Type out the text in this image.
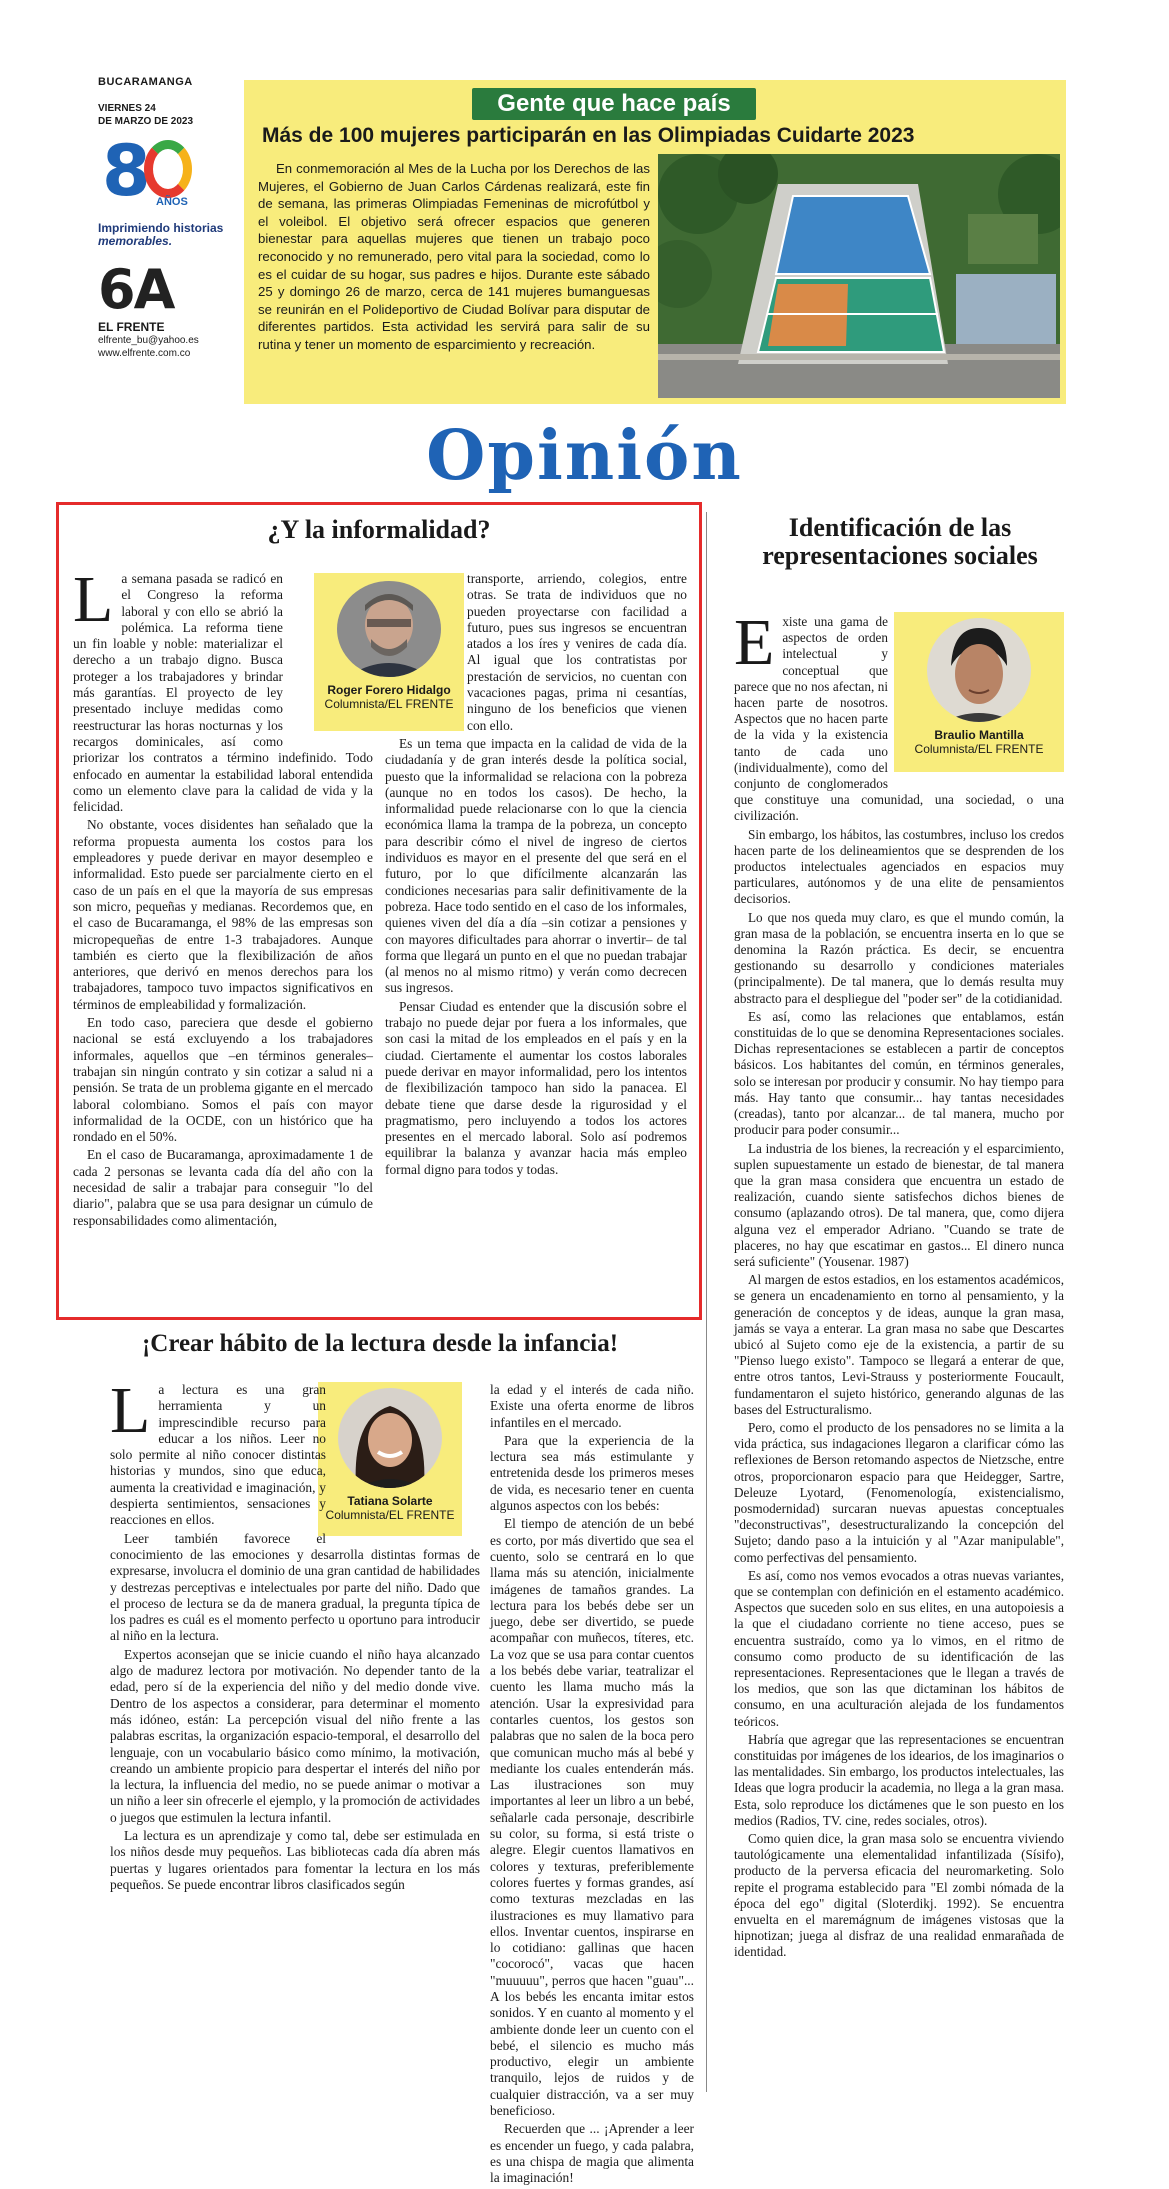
BUCARAMANGA
VIERNES 24
DE MARZO DE 2023
8 AÑOS
Imprimiendo historias
memorables.
6A
EL FRENTE
elfrente_bu@yahoo.es
www.elfrente.com.co
Gente que hace país
Más de 100 mujeres participarán en las Olimpiadas Cuidarte 2023
En conmemoración al Mes de la Lucha por los Derechos de las Mujeres, el Gobierno de Juan Carlos Cárdenas realizará, este fin de semana, las primeras Olimpiadas Femeninas de microfútbol y el voleibol. El objetivo será ofrecer espacios que generen bienestar para aquellas mujeres que tienen un trabajo poco reconocido y no remunerado, pero vital para la sociedad, como lo es el cuidar de su hogar, sus padres e hijos. Durante este sábado 25 y domingo 26 de marzo, cerca de 141 mujeres bumanguesas se reunirán en el Polideportivo de Ciudad Bolívar para disputar de diferentes partidos. Esta actividad les servirá para salir de su rutina y tener un momento de esparcimiento y recreación.
Opinión
¿Y la informalidad?
Roger Forero Hidalgo
Columnista/EL FRENTE

La semana pasada se radicó en el Congreso la reforma laboral y con ello se abrió la polémica. La reforma tiene un fin loable y noble: materializar el derecho a un trabajo digno. Busca proteger a los trabajadores y brindar más garantías. El proyecto de ley presentado incluye medidas como reestructurar las horas nocturnas y los recargos dominicales, así como priorizar los contratos a término indefinido. Todo enfocado en aumentar la estabilidad laboral entendida como un elemento clave para la calidad de vida y la felicidad.

No obstante, voces disidentes han señalado que la reforma propuesta aumenta los costos para los empleadores y puede derivar en mayor desempleo e informalidad. Esto puede ser parcialmente cierto en el caso de un país en el que la mayoría de sus empresas son micro, pequeñas y medianas. Recordemos que, en el caso de Bucaramanga, el 98% de las empresas son micropequeñas de entre 1-3 trabajadores. Aunque también es cierto que la flexibilización de años anteriores, que derivó en menos derechos para los trabajadores, tampoco tuvo impactos significativos en términos de empleabilidad y formalización.

En todo caso, pareciera que desde el gobierno nacional se está excluyendo a los trabajadores informales, aquellos que –en términos generales– trabajan sin ningún contrato y sin cotizar a salud ni a pensión. Se trata de un problema gigante en el mercado laboral colombiano. Somos el país con mayor informalidad de la OCDE, con un histórico que ha rondado en el 50%.

En el caso de Bucaramanga, aproximadamente 1 de cada 2 personas se levanta cada día del año con la necesidad de salir a trabajar para conseguir "lo del diario", palabra que se usa para designar un cúmulo de responsabilidades como alimentación,

transporte, arriendo, colegios, entre otras. Se trata de individuos que no pueden proyectarse con facilidad a futuro, pues sus ingresos se encuentran atados a los íres y venires de cada día. Al igual que los contratistas por prestación de servicios, no cuentan con vacaciones pagas, prima ni cesantías, ninguno de los beneficios que vienen con ello.

Es un tema que impacta en la calidad de vida de la ciudadanía y de gran interés desde la política social, puesto que la informalidad se relaciona con la pobreza (aunque no en todos los casos). De hecho, la informalidad puede relacionarse con lo que la ciencia económica llama la trampa de la pobreza, un concepto para describir cómo el nivel de ingreso de ciertos individuos es mayor en el presente del que será en el futuro, por lo que difícilmente alcanzarán las condiciones necesarias para salir definitivamente de la pobreza. Hace todo sentido en el caso de los informales, quienes viven del día a día –sin cotizar a pensiones y con mayores dificultades para ahorrar o invertir– de tal forma que llegará un punto en el que no puedan trabajar (al menos no al mismo ritmo) y verán como decrecen sus ingresos.

Pensar Ciudad es entender que la discusión sobre el trabajo no puede dejar por fuera a los informales, que son casi la mitad de los empleados en el país y en la ciudad. Ciertamente el aumentar los costos laborales puede derivar en mayor informalidad, pero los intentos de flexibilización tampoco han sido la panacea. El debate tiene que darse desde la rigurosidad y el pragmatismo, pero incluyendo a todos los actores presentes en el mercado laboral. Solo así podremos equilibrar la balanza y avanzar hacia más empleo formal digno para todos y todas.

¡Crear hábito de la lectura desde la infancia!
Tatiana Solarte
Columnista/EL FRENTE

La lectura es una gran herramienta y un imprescindible recurso para educar a los niños. Leer no solo permite al niño conocer distintas historias y mundos, sino que educa, aumenta la creatividad e imaginación, y despierta sentimientos, sensaciones y reacciones en ellos.

Leer también favorece el conocimiento de las emociones y desarrolla distintas formas de expresarse, involucra el dominio de una gran cantidad de habilidades y destrezas perceptivas e intelectuales por parte del niño. Dado que el proceso de lectura se da de manera gradual, la pregunta típica de los padres es cuál es el momento perfecto u oportuno para introducir al niño en la lectura.

Expertos aconsejan que se inicie cuando el niño haya alcanzado algo de madurez lectora por motivación. No depender tanto de la edad, pero sí de la experiencia del niño y del medio donde vive. Dentro de los aspectos a considerar, para determinar el momento más idóneo, están: La percepción visual del niño frente a las palabras escritas, la organización espacio-temporal, el desarrollo del lenguaje, con un vocabulario básico como mínimo, la motivación, creando un ambiente propicio para despertar el interés del niño por la lectura, la influencia del medio, no se puede animar o motivar a un niño a leer sin ofrecerle el ejemplo, y la promoción de actividades o juegos que estimulen la lectura infantil.

La lectura es un aprendizaje y como tal, debe ser estimulada en los niños desde muy pequeños. Las bibliotecas cada día abren más puertas y lugares orientados para fomentar la lectura en los más pequeños. Se puede encontrar libros clasificados según

la edad y el interés de cada niño. Existe una oferta enorme de libros infantiles en el mercado.

Para que la experiencia de la lectura sea más estimulante y entretenida desde los primeros meses de vida, es necesario tener en cuenta algunos aspectos con los bebés:

El tiempo de atención de un bebé es corto, por más divertido que sea el cuento, solo se centrará en lo que llama más su atención, inicialmente imágenes de tamaños grandes. La lectura para los bebés debe ser un juego, debe ser divertido, se puede acompañar con muñecos, títeres, etc. La voz que se usa para contar cuentos a los bebés debe variar, teatralizar el cuento les llama mucho más la atención. Usar la expresividad para contarles cuentos, los gestos son palabras que no salen de la boca pero que comunican mucho más al bebé y mediante los cuales entenderán más. Las ilustraciones son muy importantes al leer un libro a un bebé, señalarle cada personaje, describirle su color, su forma, si está triste o alegre. Elegir cuentos llamativos en colores y texturas, preferiblemente colores fuertes y formas grandes, así como texturas mezcladas en las ilustraciones es muy llamativo para ellos. Inventar cuentos, inspirarse en lo cotidiano: gallinas que hacen "cocorocó", vacas que hacen "muuuuu", perros que hacen "guau"... A los bebés les encanta imitar estos sonidos. Y en cuanto al momento y el ambiente donde leer un cuento con el bebé, el silencio es mucho más productivo, elegir un ambiente tranquilo, lejos de ruidos y de cualquier distracción, va a ser muy beneficioso.

Recuerden que ... ¡Aprender a leer es encender un fuego, y cada palabra, es una chispa de magia que alimenta la imaginación!

Identificación de las representaciones sociales
Braulio Mantilla
Columnista/EL FRENTE

Existe una gama de aspectos de orden intelectual y conceptual que parece que no nos afectan, ni hacen parte de nosotros. Aspectos que no hacen parte de la vida y la existencia tanto de cada uno (individualmente), como del conjunto de conglomerados que constituye una comunidad, una sociedad, o una civilización.

Sin embargo, los hábitos, las costumbres, incluso los credos hacen parte de los delineamientos que se desprenden de los productos intelectuales agenciados en espacios muy particulares, autónomos y de una elite de pensamientos decisorios.

Lo que nos queda muy claro, es que el mundo común, la gran masa de la población, se encuentra inserta en lo que se denomina la Razón práctica. Es decir, se encuentra gestionando su desarrollo y condiciones materiales (principalmente). De tal manera, que lo demás resulta muy abstracto para el despliegue del "poder ser" de la cotidianidad.

Es así, como las relaciones que entablamos, están constituidas de lo que se denomina Representaciones sociales. Dichas representaciones se establecen a partir de conceptos básicos. Los habitantes del común, en términos generales, solo se interesan por producir y consumir. No hay tiempo para más. Hay tanto que consumir... hay tantas necesidades (creadas), tanto por alcanzar... de tal manera, mucho por producir para poder consumir...

La industria de los bienes, la recreación y el esparcimiento, suplen supuestamente un estado de bienestar, de tal manera que la gran masa considera que encuentra un estado de realización, cuando siente satisfechos dichos bienes de consumo (aplazando otros). De tal manera, que, como dijera alguna vez el emperador Adriano. "Cuando se trate de placeres, no hay que escatimar en gastos... El dinero nunca será suficiente" (Yousenar. 1987)

Al margen de estos estadios, en los estamentos académicos, se genera un encadenamiento en torno al pensamiento, y la generación de conceptos y de ideas, aunque la gran masa, jamás se vaya a enterar. La gran masa no sabe que Descartes ubicó al Sujeto como eje de la existencia, a partir de su "Pienso luego existo". Tampoco se llegará a enterar de que, entre otros tantos, Levi-Strauss y posteriormente Foucault, fundamentaron el sujeto histórico, generando algunas de las bases del Estructuralismo.

Pero, como el producto de los pensadores no se limita a la vida práctica, sus indagaciones llegaron a clarificar cómo las reflexiones de Berson retomando aspectos de Nietzsche, entre otros, proporcionaron espacio para que Heidegger, Sartre, Deleuze Lyotard, (Fenomenología, existencialismo, posmodernidad) surcaran nuevas apuestas conceptuales "deconstructivas", desestructuralizando la concepción del Sujeto; dando paso a la intuición y al "Azar manipulable", como perfectivas del pensamiento.

Es así, como nos vemos evocados a otras nuevas variantes, que se contemplan con definición en el estamento académico. Aspectos que suceden solo en sus elites, en una autopoiesis a la que el ciudadano corriente no tiene acceso, pues se encuentra sustraído, como ya lo vimos, en el ritmo de consumo como producto de su identificación de las representaciones. Representaciones que le llegan a través de los medios, que son las que dictaminan los hábitos de consumo, en una aculturación alejada de los fundamentos teóricos.

Habría que agregar que las representaciones se encuentran constituidas por imágenes de los idearios, de los imaginarios o las mentalidades. Sin embargo, los productos intelectuales, las Ideas que logra producir la academia, no llega a la gran masa. Esta, solo reproduce los dictámenes que le son puesto en los medios (Radios, TV. cine, redes sociales, otros).

Como quien dice, la gran masa solo se encuentra viviendo tautológicamente una elementalidad infantilizada (Sísifo), producto de la perversa eficacia del neuromarketing. Solo repite el programa establecido para "El zombi nómada de la época del ego" digital (Sloterdikj. 1992). Se encuentra envuelta en el maremágnum de imágenes vistosas que la hipnotizan; juega al disfraz de una realidad enmarañada de identidad.
